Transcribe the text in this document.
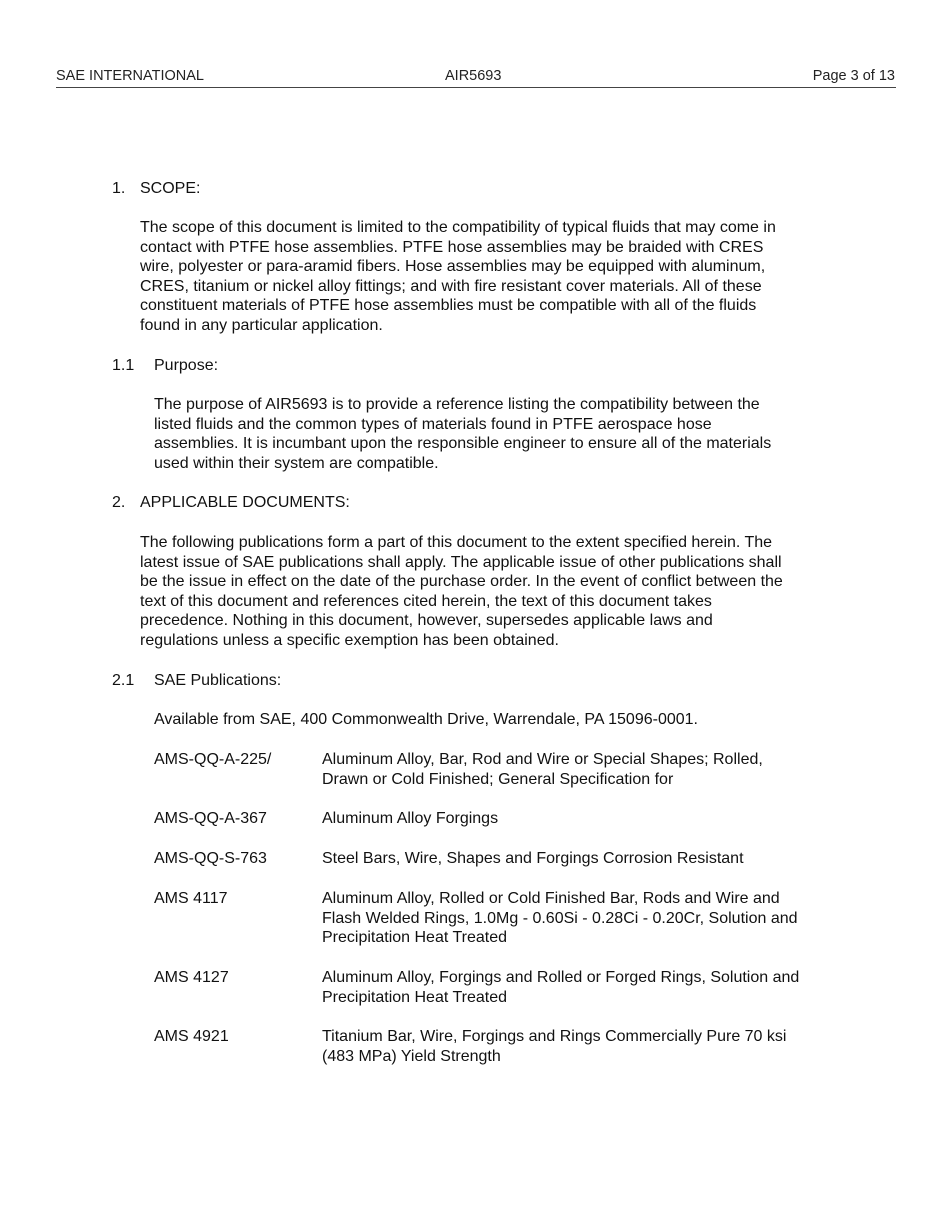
SAE INTERNATIONAL	AIR5693	Page 3 of 13
1. SCOPE:
The scope of this document is limited to the compatibility of typical fluids that may come in
contact with PTFE hose assemblies. PTFE hose assemblies may be braided with CRES
wire, polyester or para-aramid fibers. Hose assemblies may be equipped with aluminum,
CRES, titanium or nickel alloy fittings; and with fire resistant cover materials. All of these
constituent materials of PTFE hose assemblies must be compatible with all of the fluids
found in any particular application.
1.1 Purpose:
The purpose of AIR5693 is to provide a reference listing the compatibility between the
listed fluids and the common types of materials found in PTFE aerospace hose
assemblies. It is incumbant upon the responsible engineer to ensure all of the materials
used within their system are compatible.
2. APPLICABLE DOCUMENTS:
The following publications form a part of this document to the extent specified herein. The
latest issue of SAE publications shall apply. The applicable issue of other publications shall
be the issue in effect on the date of the purchase order. In the event of conflict between the
text of this document and references cited herein, the text of this document takes
precedence. Nothing in this document, however, supersedes applicable laws and
regulations unless a specific exemption has been obtained.
2.1 SAE Publications:
Available from SAE, 400 Commonwealth Drive, Warrendale, PA 15096-0001.
AMS-QQ-A-225/	Aluminum Alloy, Bar, Rod and Wire or Special Shapes; Rolled,
Drawn or Cold Finished; General Specification for
AMS-QQ-A-367	Aluminum Alloy Forgings
AMS-QQ-S-763	Steel Bars, Wire, Shapes and Forgings Corrosion Resistant
AMS 4117	Aluminum Alloy, Rolled or Cold Finished Bar, Rods and Wire and
Flash Welded Rings, 1.0Mg - 0.60Si - 0.28Ci - 0.20Cr, Solution and
Precipitation Heat Treated
AMS 4127	Aluminum Alloy, Forgings and Rolled or Forged Rings, Solution and
Precipitation Heat Treated
AMS 4921	Titanium Bar, Wire, Forgings and Rings Commercially Pure 70 ksi
(483 MPa) Yield Strength
